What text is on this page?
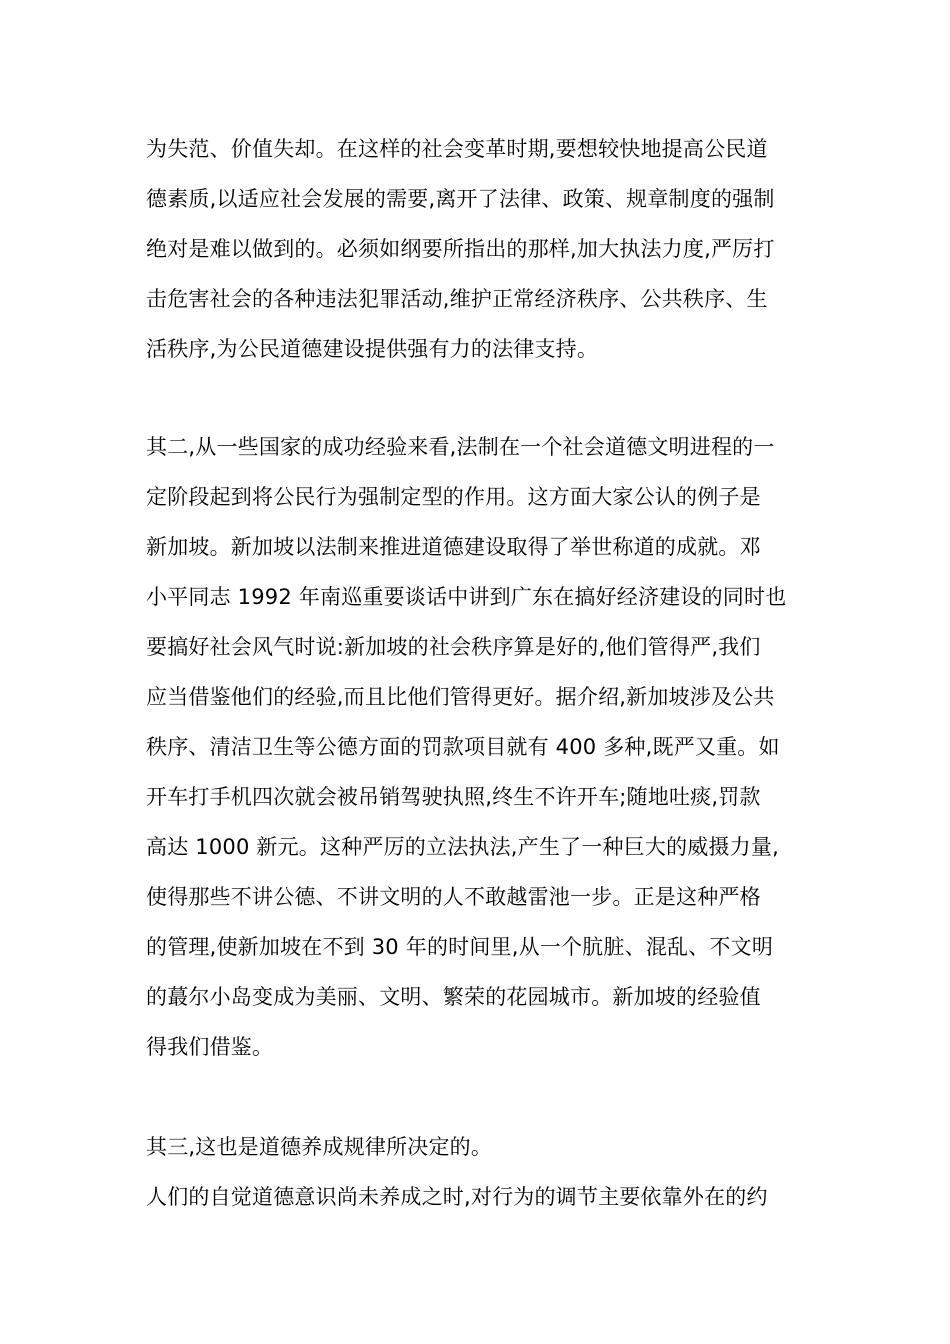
为失范、价值失却。在这样的社会变革时期,要想较快地提高公民道
德素质,以适应社会发展的需要,离开了法律、政策、规章制度的强制
绝对是难以做到的。必须如纲要所指出的那样,加大执法力度,严厉打
击危害社会的各种违法犯罪活动,维护正常经济秩序、公共秩序、生
活秩序,为公民道德建设提供强有力的法律支持。
其二,从一些国家的成功经验来看,法制在一个社会道德文明进程的一
定阶段起到将公民行为强制定型的作用。这方面大家公认的例子是
新加坡。新加坡以法制来推进道德建设取得了举世称道的成就。邓
小平同志 1992 年南巡重要谈话中讲到广东在搞好经济建设的同时也
要搞好社会风气时说:新加坡的社会秩序算是好的,他们管得严,我们
应当借鉴他们的经验,而且比他们管得更好。据介绍,新加坡涉及公共
秩序、清洁卫生等公德方面的罚款项目就有 400 多种,既严又重。如
开车打手机四次就会被吊销驾驶执照,终生不许开车;随地吐痰,罚款
高达 1000 新元。这种严厉的立法执法,产生了一种巨大的威摄力量,
使得那些不讲公德、不讲文明的人不敢越雷池一步。正是这种严格
的管理,使新加坡在不到 30 年的时间里,从一个肮脏、混乱、不文明
的蕞尔小岛变成为美丽、文明、繁荣的花园城市。新加坡的经验值
得我们借鉴。
其三,这也是道德养成规律所决定的。
人们的自觉道德意识尚未养成之时,对行为的调节主要依靠外在的约
